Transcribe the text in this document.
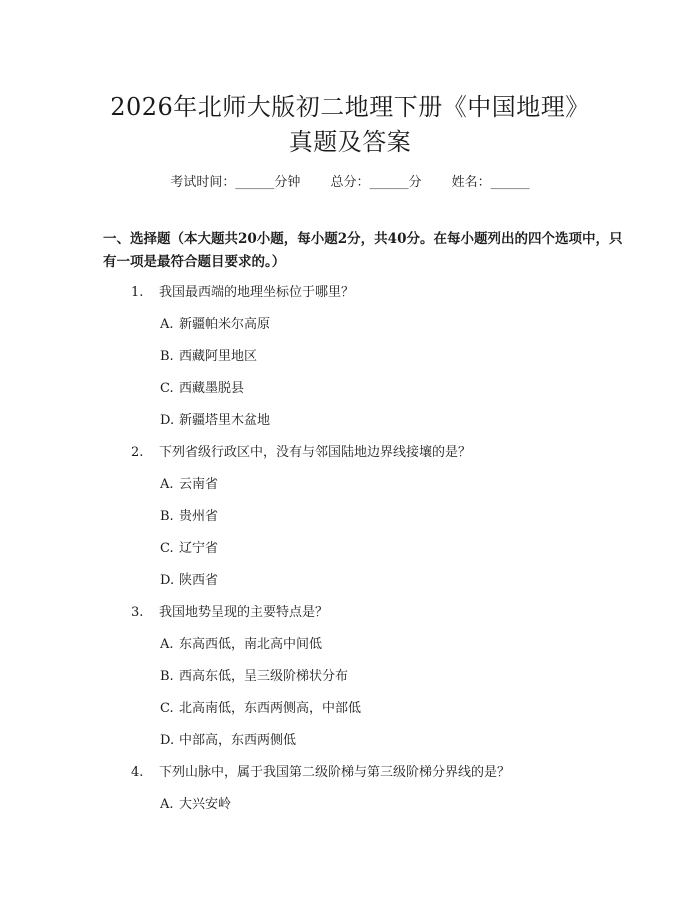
2026年北师大版初二地理下册《中国地理》
真题及答案
考试时间：______分钟 总分：______分 姓名：______

一、选择题（本大题共20小题，每小题2分，共40分。在每小题列出的四个选项中，只有一项是最符合题目要求的。）

1. 我国最西端的地理坐标位于哪里？
A. 新疆帕米尔高原
B. 西藏阿里地区
C. 西藏墨脱县
D. 新疆塔里木盆地
2. 下列省级行政区中，没有与邻国陆地边界线接壤的是？
A. 云南省
B. 贵州省
C. 辽宁省
D. 陕西省
3. 我国地势呈现的主要特点是？
A. 东高西低，南北高中间低
B. 西高东低，呈三级阶梯状分布
C. 北高南低，东西两侧高，中部低
D. 中部高，东西两侧低
4. 下列山脉中，属于我国第二级阶梯与第三级阶梯分界线的是？
A. 大兴安岭
